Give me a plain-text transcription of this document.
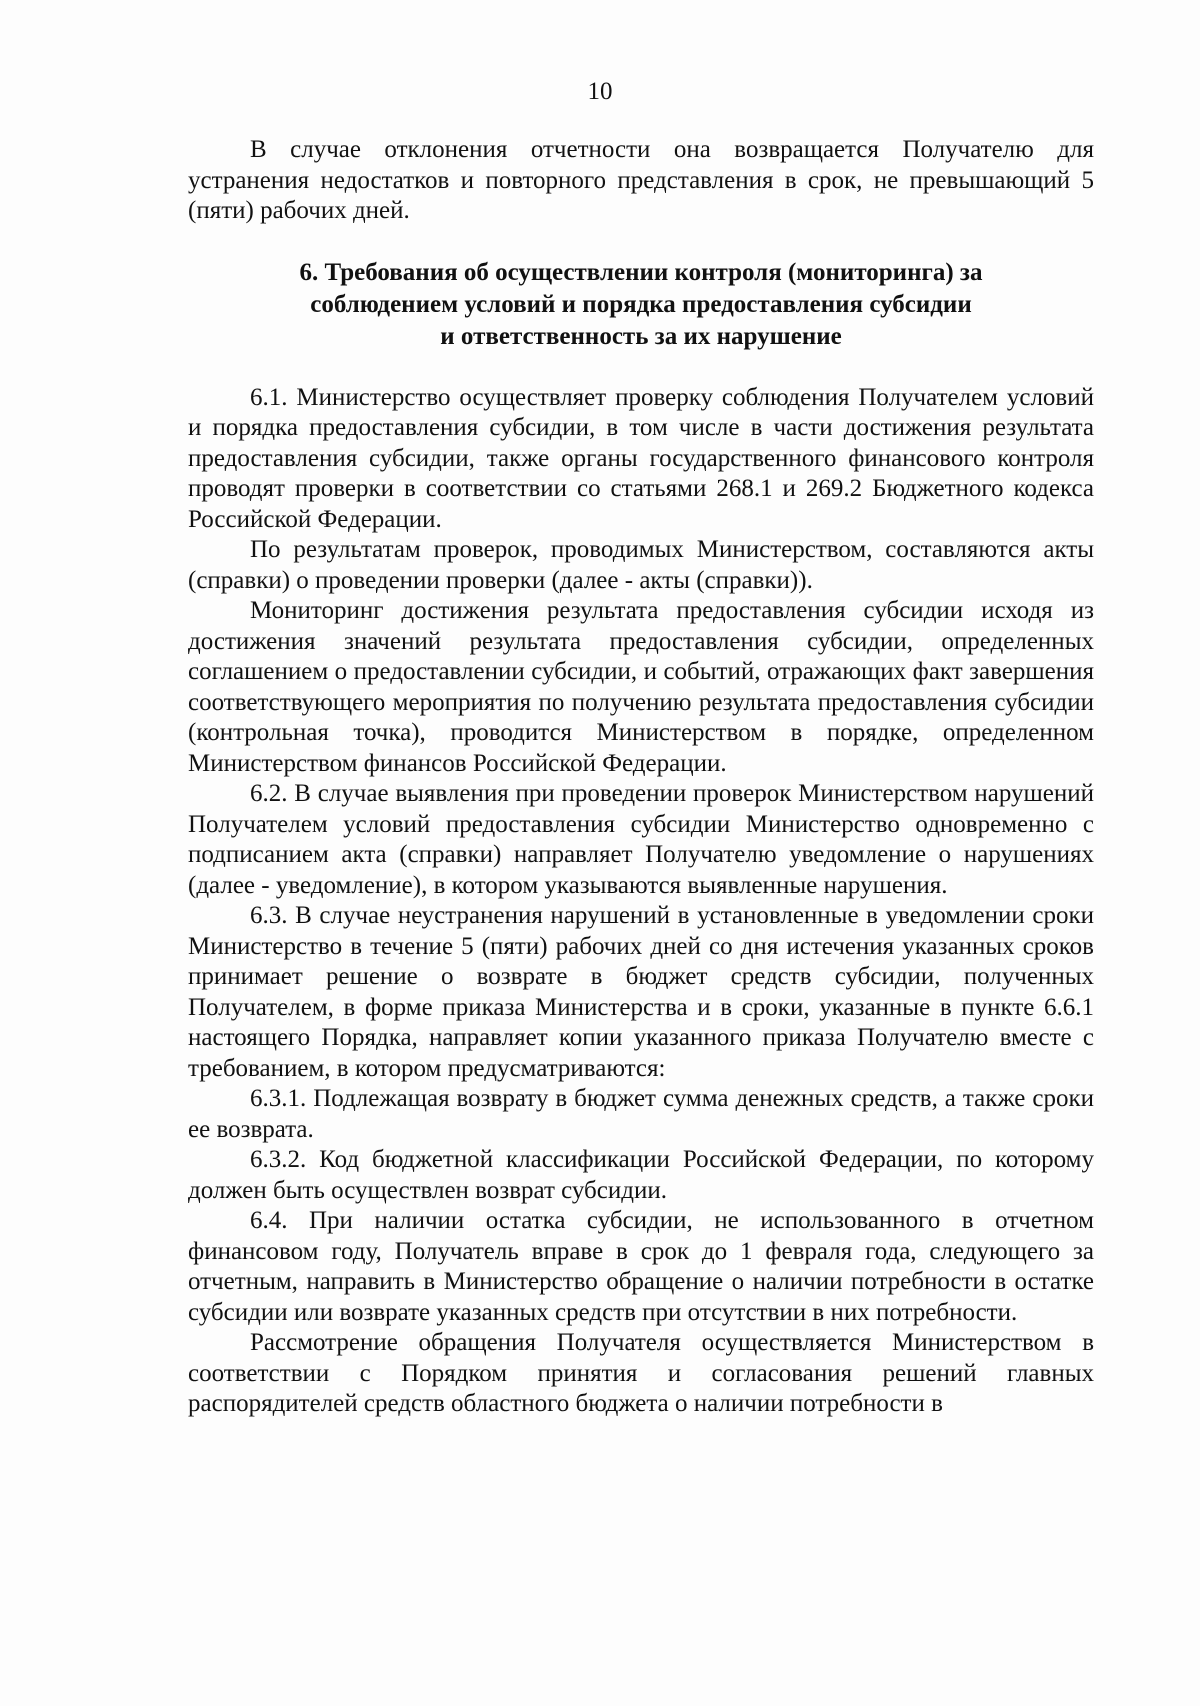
10

В случае отклонения отчетности она возвращается Получателю для устранения недостатков и повторного представления в срок, не превышающий 5 (пяти) рабочих дней.

6. Требования об осуществлении контроля (мониторинга) за
соблюдением условий и порядка предоставления субсидии
и ответственность за их нарушение

6.1. Министерство осуществляет проверку соблюдения Получателем условий и порядка предоставления субсидии, в том числе в части достижения результата предоставления субсидии, также органы государственного финансового контроля проводят проверки в соответствии со статьями 268.1 и 269.2 Бюджетного кодекса Российской Федерации.

По результатам проверок, проводимых Министерством, составляются акты (справки) о проведении проверки (далее - акты (справки)).

Мониторинг достижения результата предоставления субсидии исходя из достижения значений результата предоставления субсидии, определенных соглашением о предоставлении субсидии, и событий, отражающих факт завершения соответствующего мероприятия по получению результата предоставления субсидии (контрольная точка), проводится Министерством в порядке, определенном Министерством финансов Российской Федерации.

6.2. В случае выявления при проведении проверок Министерством нарушений Получателем условий предоставления субсидии Министерство одновременно с подписанием акта (справки) направляет Получателю уведомление о нарушениях (далее - уведомление), в котором указываются выявленные нарушения.

6.3. В случае неустранения нарушений в установленные в уведомлении сроки Министерство в течение 5 (пяти) рабочих дней со дня истечения указанных сроков принимает решение о возврате в бюджет средств субсидии, полученных Получателем, в форме приказа Министерства и в сроки, указанные в пункте 6.6.1 настоящего Порядка, направляет копии указанного приказа Получателю вместе с требованием, в котором предусматриваются:

6.3.1. Подлежащая возврату в бюджет сумма денежных средств, а также сроки ее возврата.

6.3.2. Код бюджетной классификации Российской Федерации, по которому должен быть осуществлен возврат субсидии.

6.4. При наличии остатка субсидии, не использованного в отчетном финансовом году, Получатель вправе в срок до 1 февраля года, следующего за отчетным, направить в Министерство обращение о наличии потребности в остатке субсидии или возврате указанных средств при отсутствии в них потребности.

Рассмотрение обращения Получателя осуществляется Министерством в соответствии с Порядком принятия и согласования решений главных распорядителей средств областного бюджета о наличии потребности в
